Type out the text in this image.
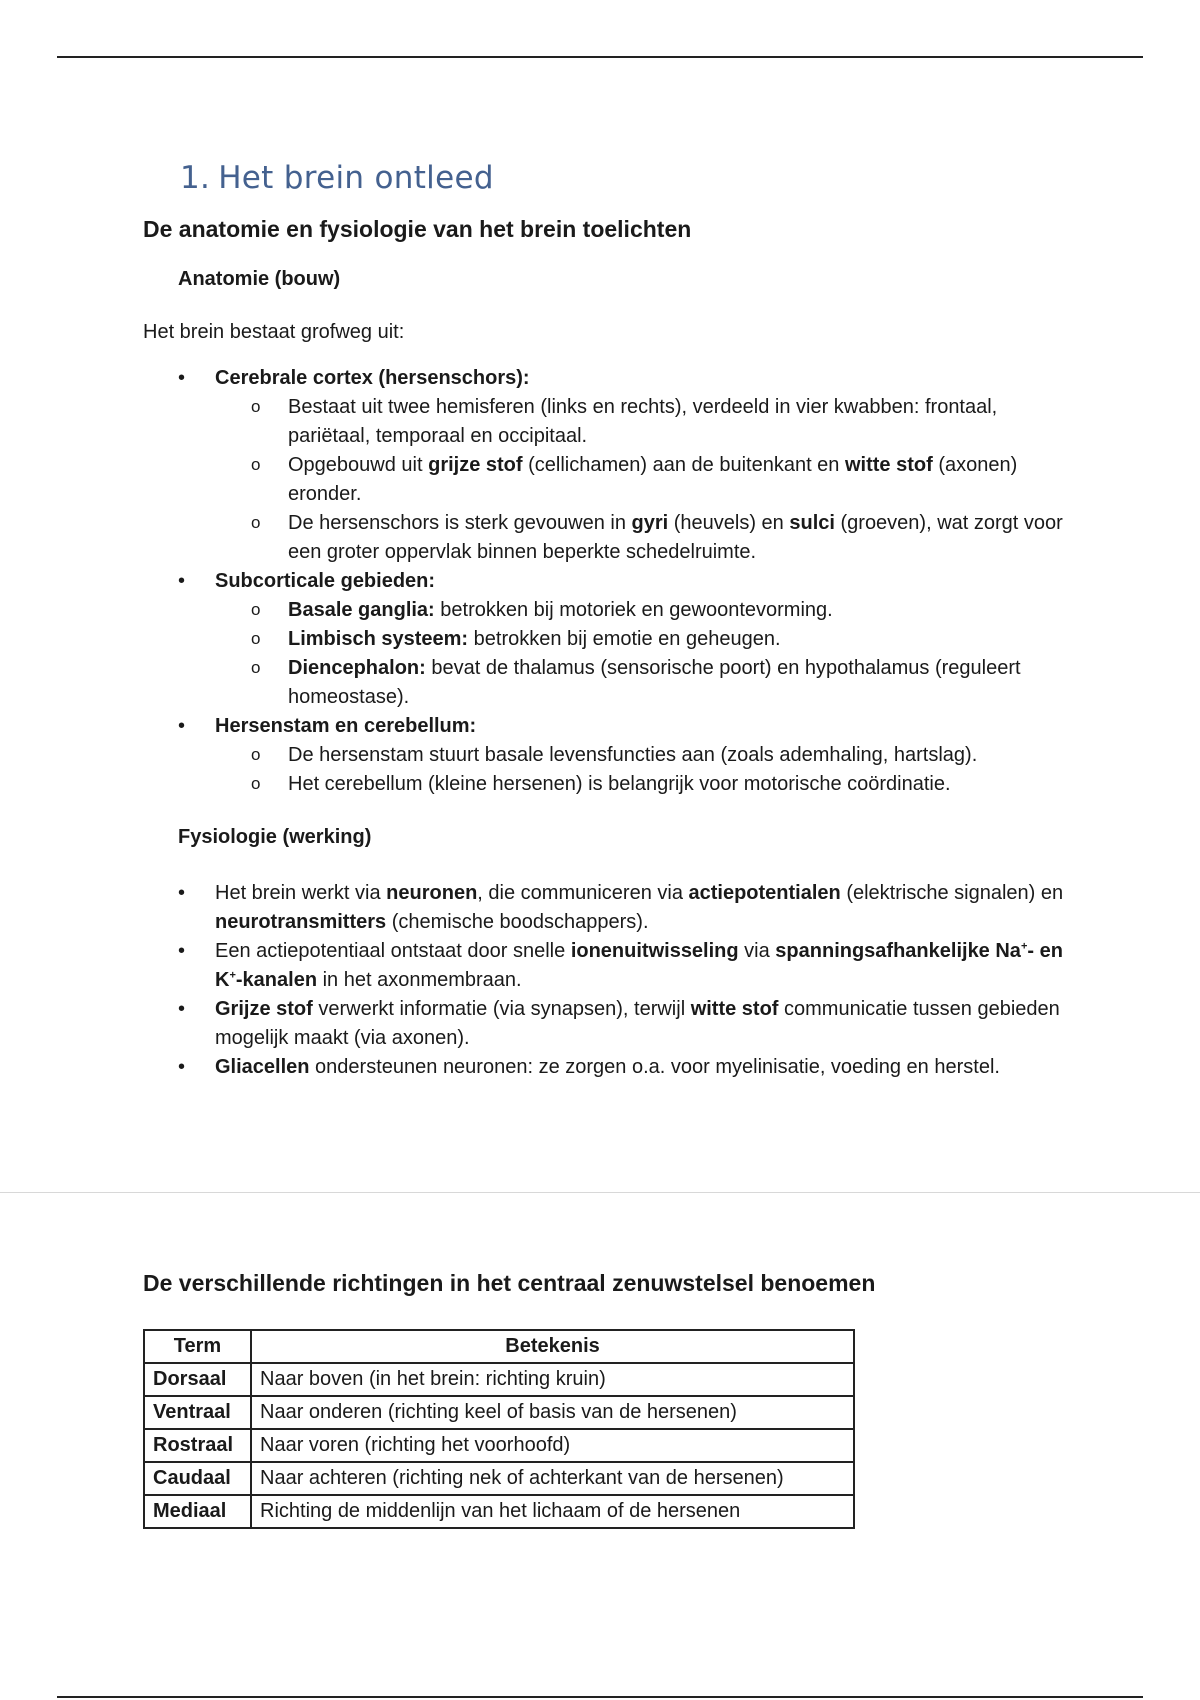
1. Het brein ontleed
De anatomie en fysiologie van het brein toelichten
Anatomie (bouw)

Het brein bestaat grofweg uit:

• Cerebrale cortex (hersenschors):
o Bestaat uit twee hemisferen (links en rechts), verdeeld in vier kwabben: frontaal, pariëtaal, temporaal en occipitaal.
o Opgebouwd uit grijze stof (cellichamen) aan de buitenkant en witte stof (axonen) eronder.
o De hersenschors is sterk gevouwen in gyri (heuvels) en sulci (groeven), wat zorgt voor een groter oppervlak binnen beperkte schedelruimte.
• Subcorticale gebieden:
o Basale ganglia: betrokken bij motoriek en gewoontevorming.
o Limbisch systeem: betrokken bij emotie en geheugen.
o Diencephalon: bevat de thalamus (sensorische poort) en hypothalamus (reguleert homeostase).
• Hersenstam en cerebellum:
o De hersenstam stuurt basale levensfuncties aan (zoals ademhaling, hartslag).
o Het cerebellum (kleine hersenen) is belangrijk voor motorische coördinatie.
Fysiologie (werking)
• Het brein werkt via neuronen, die communiceren via actiepotentialen (elektrische signalen) en neurotransmitters (chemische boodschappers).
• Een actiepotentiaal ontstaat door snelle ionenuitwisseling via spanningsafhankelijke Na+- en K+-kanalen in het axonmembraan.
• Grijze stof verwerkt informatie (via synapsen), terwijl witte stof communicatie tussen gebieden mogelijk maakt (via axonen).
• Gliacellen ondersteunen neuronen: ze zorgen o.a. voor myelinisatie, voeding en herstel.
De verschillende richtingen in het centraal zenuwstelsel benoemen
Term	Betekenis
Dorsaal	Naar boven (in het brein: richting kruin)
Ventraal	Naar onderen (richting keel of basis van de hersenen)
Rostraal	Naar voren (richting het voorhoofd)
Caudaal	Naar achteren (richting nek of achterkant van de hersenen)
Mediaal	Richting de middenlijn van het lichaam of de hersenen
